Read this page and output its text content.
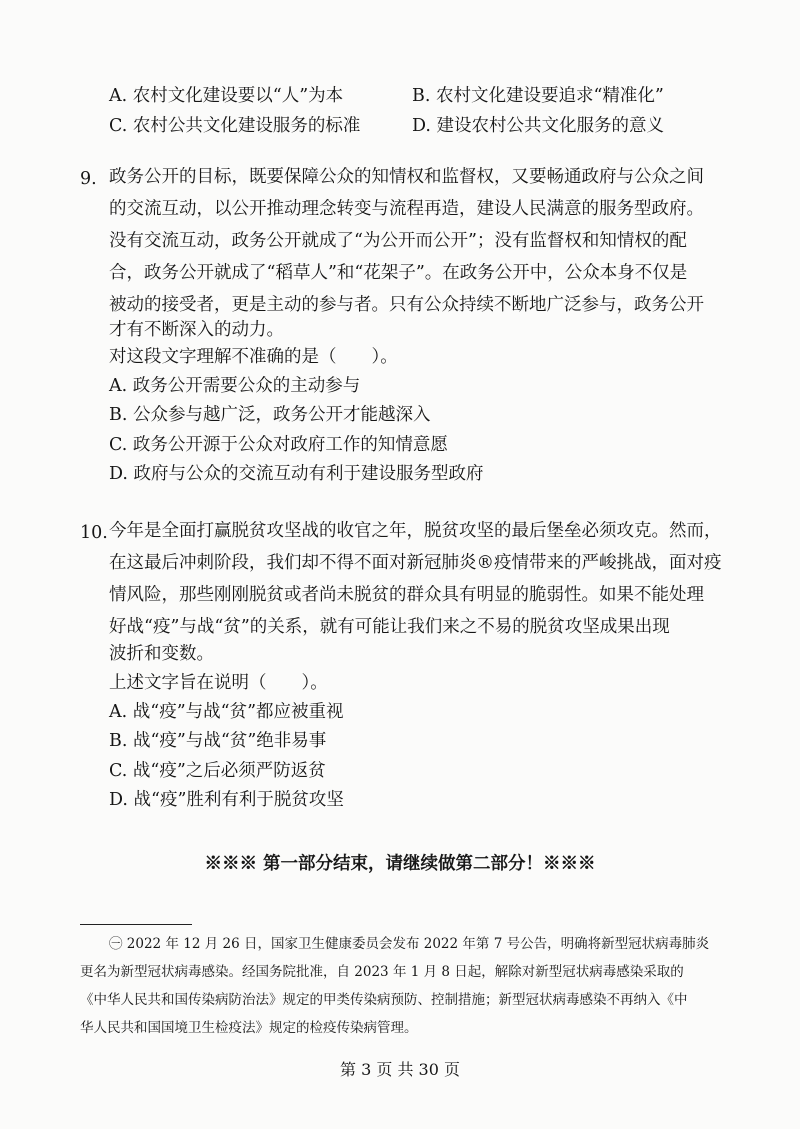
A. 农村文化建设要以“人”为本	B. 农村文化建设要追求“精准化”
C. 农村公共文化建设服务的标准	D. 建设农村公共文化服务的意义
9. 政务公开的目标，既要保障公众的知情权和监督权，又要畅通政府与公众之间
的交流互动，以公开推动理念转变与流程再造，建设人民满意的服务型政府。
没有交流互动，政务公开就成了“为公开而公开”；没有监督权和知情权的配
合，政务公开就成了“稻草人”和“花架子”。在政务公开中，公众本身不仅是
被动的接受者，更是主动的参与者。只有公众持续不断地广泛参与，政务公开
才有不断深入的动力。
对这段文字理解不准确的是（　　）。
A. 政务公开需要公众的主动参与
B. 公众参与越广泛，政务公开才能越深入
C. 政务公开源于公众对政府工作的知情意愿
D. 政府与公众的交流互动有利于建设服务型政府
10. 今年是全面打赢脱贫攻坚战的收官之年，脱贫攻坚的最后堡垒必须攻克。然而，
在这最后冲刺阶段，我们却不得不面对新冠肺炎®疫情带来的严峻挑战，面对疫
情风险，那些刚刚脱贫或者尚未脱贫的群众具有明显的脆弱性。如果不能处理
好战“疫”与战“贫”的关系，就有可能让我们来之不易的脱贫攻坚成果出现
波折和变数。
上述文字旨在说明（　　）。
A. 战“疫”与战“贫”都应被重视
B. 战“疫”与战“贫”绝非易事
C. 战“疫”之后必须严防返贫
D. 战“疫”胜利有利于脱贫攻坚
※※※ 第一部分结束，请继续做第二部分！※※※
㊀ 2022 年 12 月 26 日，国家卫生健康委员会发布 2022 年第 7 号公告，明确将新型冠状病毒肺炎
更名为新型冠状病毒感染。经国务院批准，自 2023 年 1 月 8 日起，解除对新型冠状病毒感染采取的
《中华人民共和国传染病防治法》规定的甲类传染病预防、控制措施；新型冠状病毒感染不再纳入《中
华人民共和国国境卫生检疫法》规定的检疫传染病管理。
第 3 页 共 30 页
